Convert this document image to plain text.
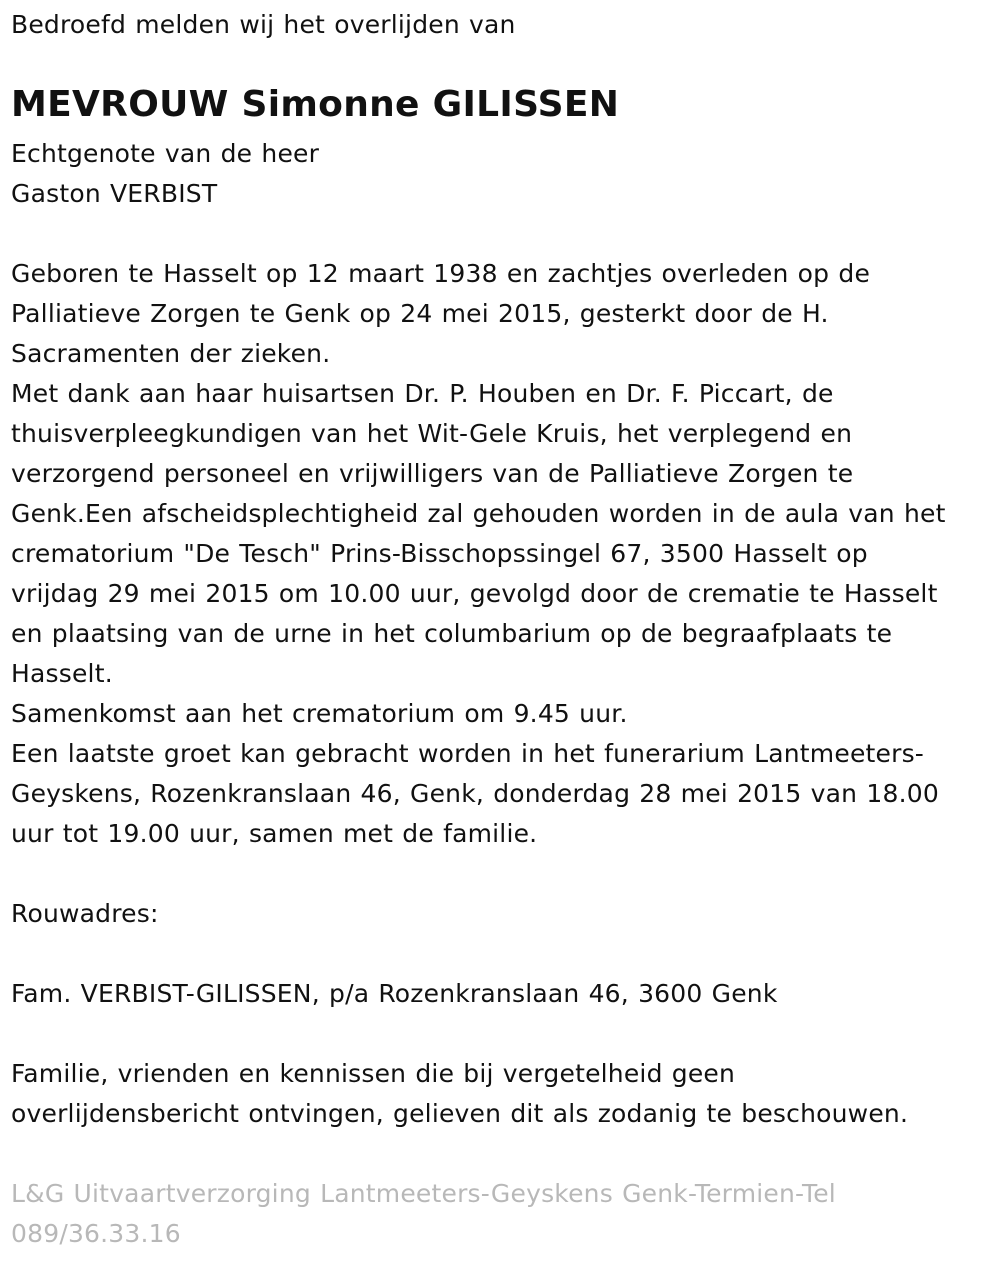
Bedroefd melden wij het overlijden van
MEVROUW Simonne GILISSEN
Echtgenote van de heer
Gaston VERBIST
Geboren te Hasselt op 12 maart 1938 en zachtjes overleden op de
Palliatieve Zorgen te Genk op 24 mei 2015, gesterkt door de H.
Sacramenten der zieken.
Met dank aan haar huisartsen Dr. P. Houben en Dr. F. Piccart, de
thuisverpleegkundigen van het Wit-Gele Kruis, het verplegend en
verzorgend personeel en vrijwilligers van de Palliatieve Zorgen te
Genk.Een afscheidsplechtigheid zal gehouden worden in de aula van het
crematorium "De Tesch" Prins-Bisschopssingel 67, 3500 Hasselt op
vrijdag 29 mei 2015 om 10.00 uur, gevolgd door de crematie te Hasselt
en plaatsing van de urne in het columbarium op de begraafplaats te
Hasselt.
Samenkomst aan het crematorium om 9.45 uur.
Een laatste groet kan gebracht worden in het funerarium Lantmeeters-
Geyskens, Rozenkranslaan 46, Genk, donderdag 28 mei 2015 van 18.00
uur tot 19.00 uur, samen met de familie.
Rouwadres:
Fam. VERBIST-GILISSEN, p/a Rozenkranslaan 46, 3600 Genk
Familie, vrienden en kennissen die bij vergetelheid geen
overlijdensbericht ontvingen, gelieven dit als zodanig te beschouwen.
L&G Uitvaartverzorging Lantmeeters-Geyskens Genk-Termien-Tel
089/36.33.16
